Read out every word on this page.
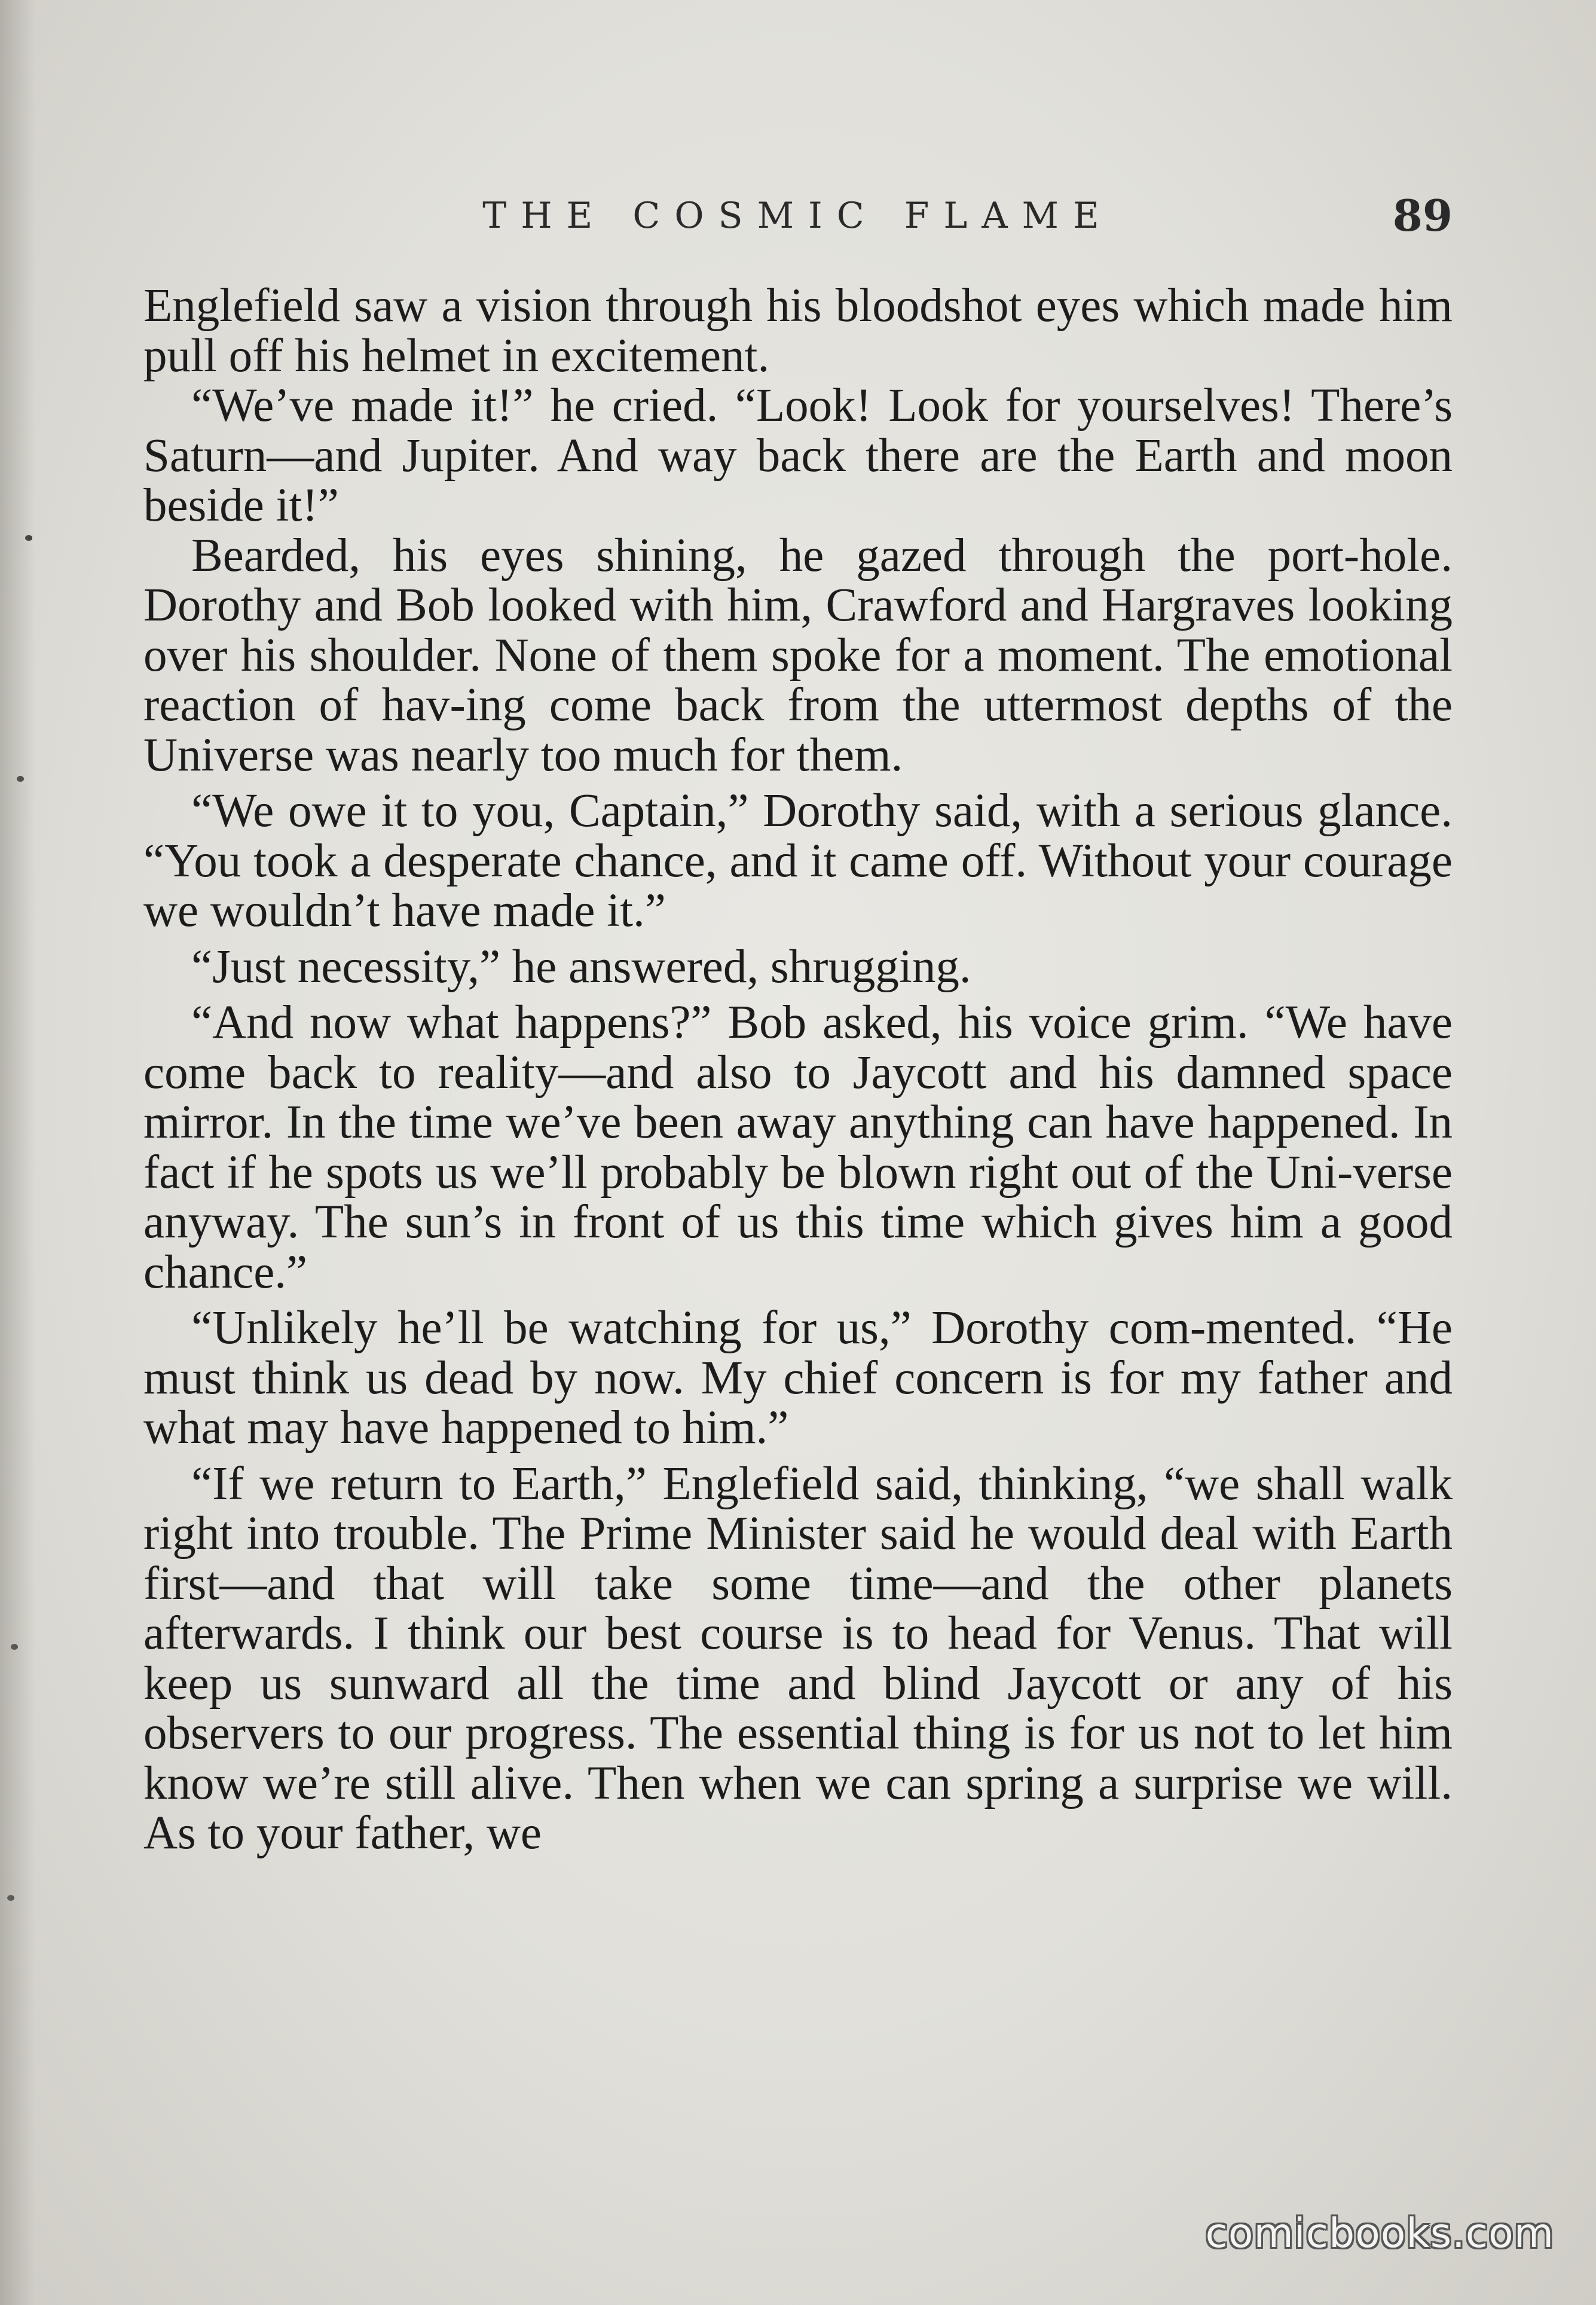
THE COSMIC FLAME	89

Englefield saw a vision through his bloodshot eyes which made him pull off his helmet in excitement.

“We’ve made it!” he cried. “Look! Look for yourselves! There’s Saturn—and Jupiter. And way back there are the Earth and moon beside it!”

Bearded, his eyes shining, he gazed through the port-hole. Dorothy and Bob looked with him, Crawford and Hargraves looking over his shoulder. None of them spoke for a moment. The emotional reaction of hav-ing come back from the uttermost depths of the Universe was nearly too much for them.

“We owe it to you, Captain,” Dorothy said, with a serious glance. “You took a desperate chance, and it came off. Without your courage we wouldn’t have made it.”

“Just necessity,” he answered, shrugging.

“And now what happens?” Bob asked, his voice grim. “We have come back to reality—and also to Jaycott and his damned space mirror. In the time we’ve been away anything can have happened. In fact if he spots us we’ll probably be blown right out of the Uni-verse anyway. The sun’s in front of us this time which gives him a good chance.”

“Unlikely he’ll be watching for us,” Dorothy com-mented. “He must think us dead by now. My chief concern is for my father and what may have happened to him.”

“If we return to Earth,” Englefield said, thinking, “we shall walk right into trouble. The Prime Minister said he would deal with Earth first—and that will take some time—and the other planets afterwards. I think our best course is to head for Venus. That will keep us sunward all the time and blind Jaycott or any of his observers to our progress. The essential thing is for us not to let him know we’re still alive. Then when we can spring a surprise we will. As to your father, we

comicbooks.com
